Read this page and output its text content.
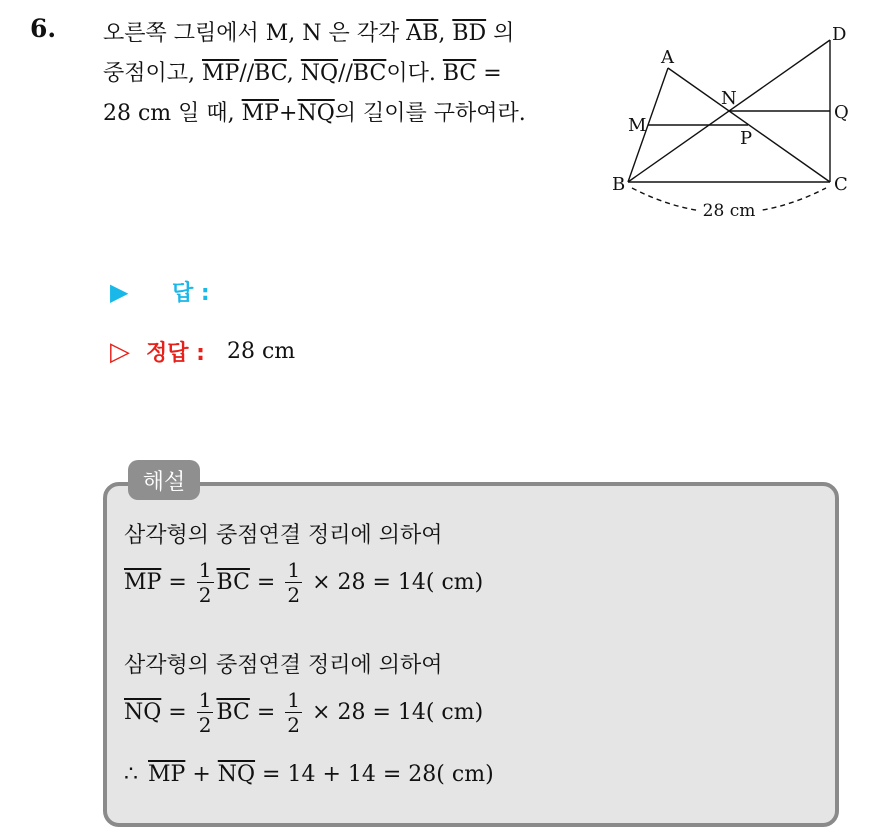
6. 오른쪽 그림에서 M, N 은 각각 $\overline{AB}$, $\overline{BD}$ 의
중점이고, $\overline{MP}//\overline{BC}$, $\overline{NQ}//\overline{BC}$이다. $\overline{BC}$ =
28 cm 일 때, $\overline{MP}+\overline{NQ}$의 길이를 구하여라.
A
B	C
D
M
N
P
Q
28 cm
▶	답 :
▷ 정답 : 28 cm
해설
삼각형의 중점연결 정리에 의하여
$\overline{MP} = \frac{1}{2} \overline{BC} = \frac{1}{2} \times 28 = 14$( cm)
삼각형의 중점연결 정리에 의하여
$\overline{NQ} = \frac{1}{2} \overline{BC} = \frac{1}{2} \times 28 = 14$( cm)
∴ $\overline{MP} + \overline{NQ} = 14 + 14 = 28$( cm)
